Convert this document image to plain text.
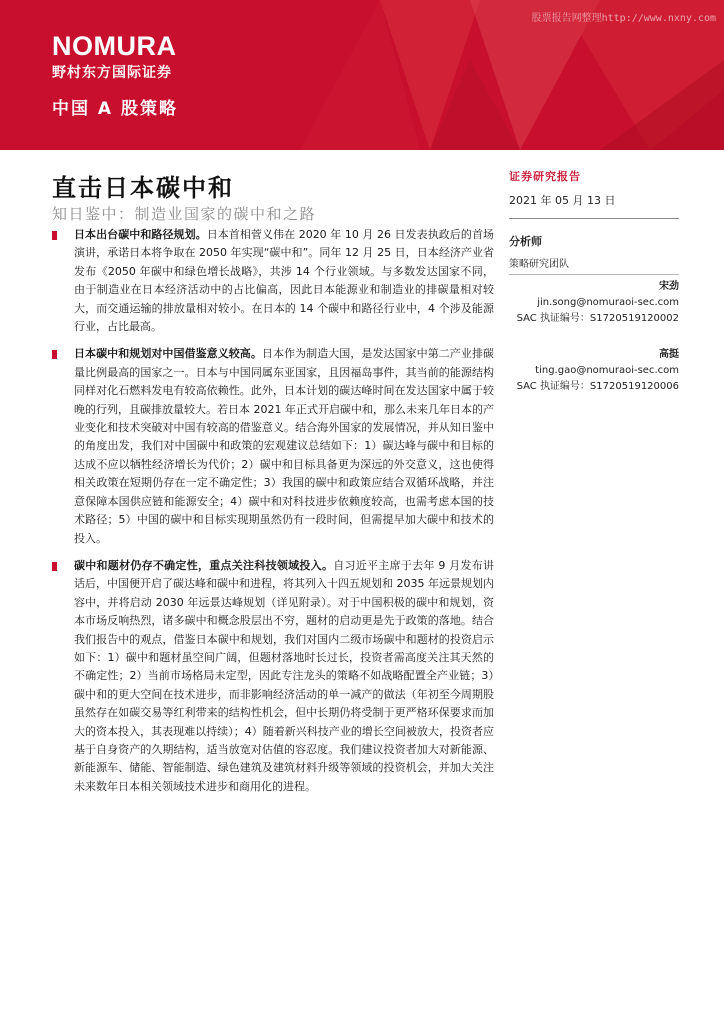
股票报告网整理http://www.nxny.com
NOMURA
野村东方国际证券
中国 A 股策略
策略
直击日本碳中和
知日鉴中：制造业国家的碳中和之路

日本出台碳中和路径规划。日本首相菅义伟在 2020 年 10 月 26 日发表执政后的首场演讲，承诺日本将争取在 2050 年实现“碳中和”。同年 12 月 25 日，日本经济产业省发布《2050 年碳中和绿色增长战略》，共涉 14 个行业领域。与多数发达国家不同，由于制造业在日本经济活动中的占比偏高，因此日本能源业和制造业的排碳量相对较大，而交通运输的排放量相对较小。在日本的 14 个碳中和路径行业中，4 个涉及能源行业，占比最高。

日本碳中和规划对中国借鉴意义较高。日本作为制造大国，是发达国家中第二产业排碳量比例最高的国家之一。日本与中国同属东亚国家，且因福岛事件，其当前的能源结构同样对化石燃料发电有较高依赖性。此外，日本计划的碳达峰时间在发达国家中属于较晚的行列，且碳排放量较大。若日本 2021 年正式开启碳中和，那么未来几年日本的产业变化和技术突破对中国有较高的借鉴意义。结合海外国家的发展情况，并从知日鉴中的角度出发，我们对中国碳中和政策的宏观建议总结如下：1）碳达峰与碳中和目标的达成不应以牺牲经济增长为代价；2）碳中和目标具备更为深远的外交意义，这也使得相关政策在短期仍存在一定不确定性；3）我国的碳中和政策应结合双循环战略，并注意保障本国供应链和能源安全；4）碳中和对科技进步依赖度较高，也需考虑本国的技术路径；5）中国的碳中和目标实现期虽然仍有一段时间，但需提早加大碳中和技术的投入。

碳中和题材仍存不确定性，重点关注科技领域投入。自习近平主席于去年 9 月发布讲话后，中国便开启了碳达峰和碳中和进程，将其列入十四五规划和 2035 年远景规划内容中，并将启动 2030 年远景达峰规划（详见附录）。对于中国积极的碳中和规划，资本市场反响热烈，诸多碳中和概念股层出不穷，题材的启动更是先于政策的落地。结合我们报告中的观点，借鉴日本碳中和规划，我们对国内二级市场碳中和题材的投资启示如下：1）碳中和题材虽空间广阔，但题材落地时长过长，投资者需高度关注其天然的不确定性；2）当前市场格局未定型，因此专注龙头的策略不如战略配置全产业链；3）碳中和的更大空间在技术进步，而非影响经济活动的单一减产的做法（年初至今周期股虽然存在如碳交易等红利带来的结构性机会，但中长期仍将受制于更严格环保要求而加大的资本投入，其表现难以持续）；4）随着新兴科技产业的增长空间被放大，投资者应基于自身资产的久期结构，适当放宽对估值的容忍度。我们建议投资者加大对新能源、新能源车、储能、智能制造、绿色建筑及建筑材料升级等领域的投资机会，并加大关注未来数年日本相关领域技术进步和商用化的进程。

证券研究报告
2021 年 05 月 13 日
分析师
策略研究团队
宋劲
jin.song@nomuraoi-sec.com
SAC 执证编号：S1720519120002
高挺
ting.gao@nomuraoi-sec.com
SAC 执证编号：S1720519120006
